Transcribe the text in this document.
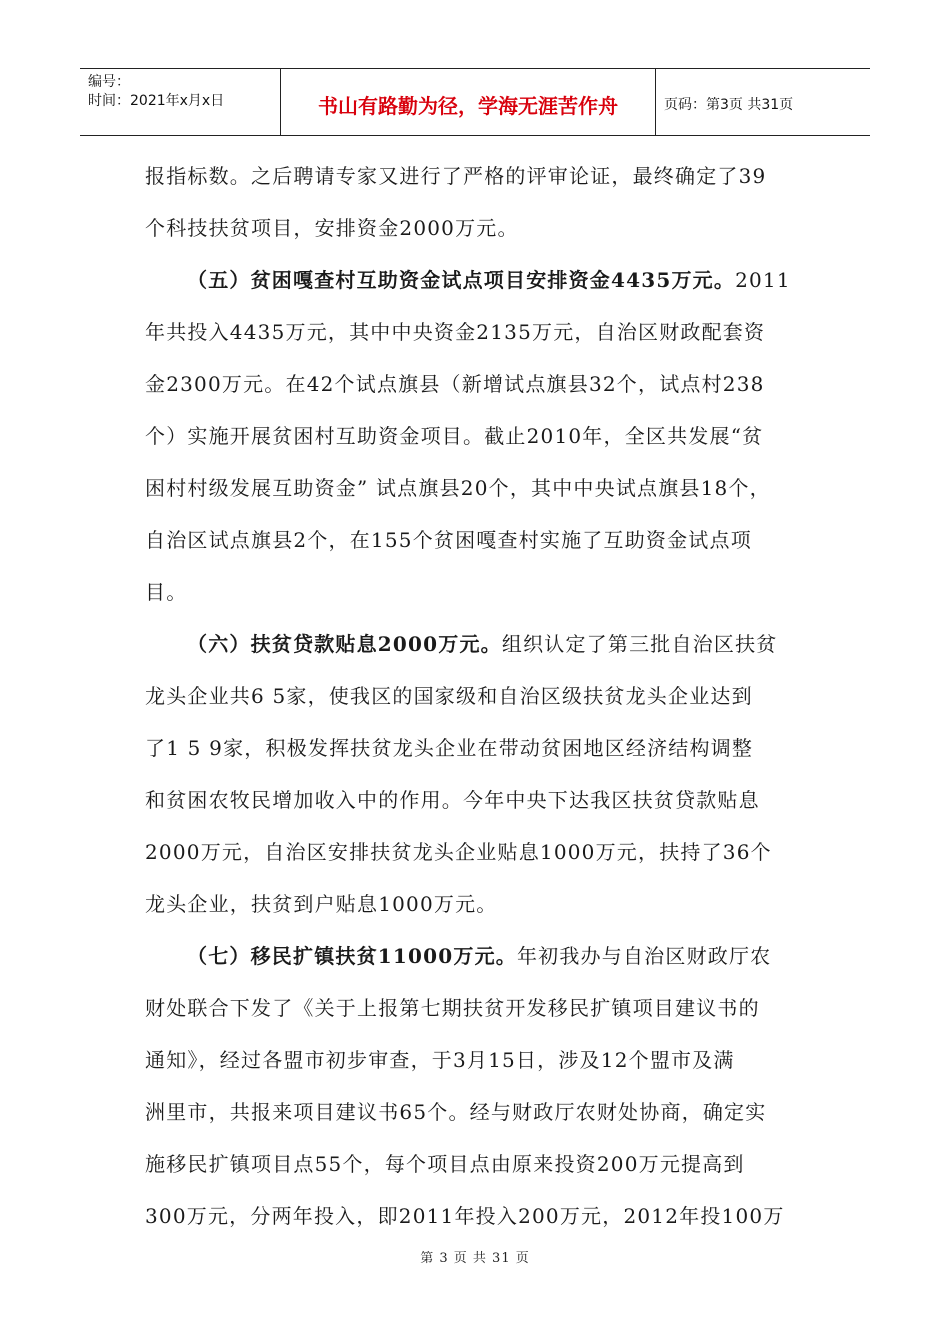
编号：
时间：2021年x月x日	书山有路勤为径，学海无涯苦作舟	页码：第3页 共31页
报指标数。之后聘请专家又进行了严格的评审论证，最终确定了39
个科技扶贫项目，安排资金2000万元。
（五）贫困嘎查村互助资金试点项目安排资金4435万元。2011
年共投入4435万元，其中中央资金2135万元，自治区财政配套资
金2300万元。在42个试点旗县（新增试点旗县32个，试点村238
个）实施开展贫困村互助资金项目。截止2010年，全区共发展“贫
困村村级发展互助资金” 试点旗县20个，其中中央试点旗县18个，
自治区试点旗县2个，在155个贫困嘎查村实施了互助资金试点项
目。
（六）扶贫贷款贴息2000万元。组织认定了第三批自治区扶贫
龙头企业共6 5家，使我区的国家级和自治区级扶贫龙头企业达到
了1 5 9家，积极发挥扶贫龙头企业在带动贫困地区经济结构调整
和贫困农牧民增加收入中的作用。今年中央下达我区扶贫贷款贴息
2000万元，自治区安排扶贫龙头企业贴息1000万元，扶持了36个
龙头企业，扶贫到户贴息1000万元。
（七）移民扩镇扶贫11000万元。年初我办与自治区财政厅农
财处联合下发了《关于上报第七期扶贫开发移民扩镇项目建议书的
通知》，经过各盟市初步审查，于3月15日，涉及12个盟市及满
洲里市，共报来项目建议书65个。经与财政厅农财处协商，确定实
施移民扩镇项目点55个，每个项目点由原来投资200万元提高到
300万元，分两年投入，即2011年投入200万元，2012年投100万
第 3 页 共 31 页
